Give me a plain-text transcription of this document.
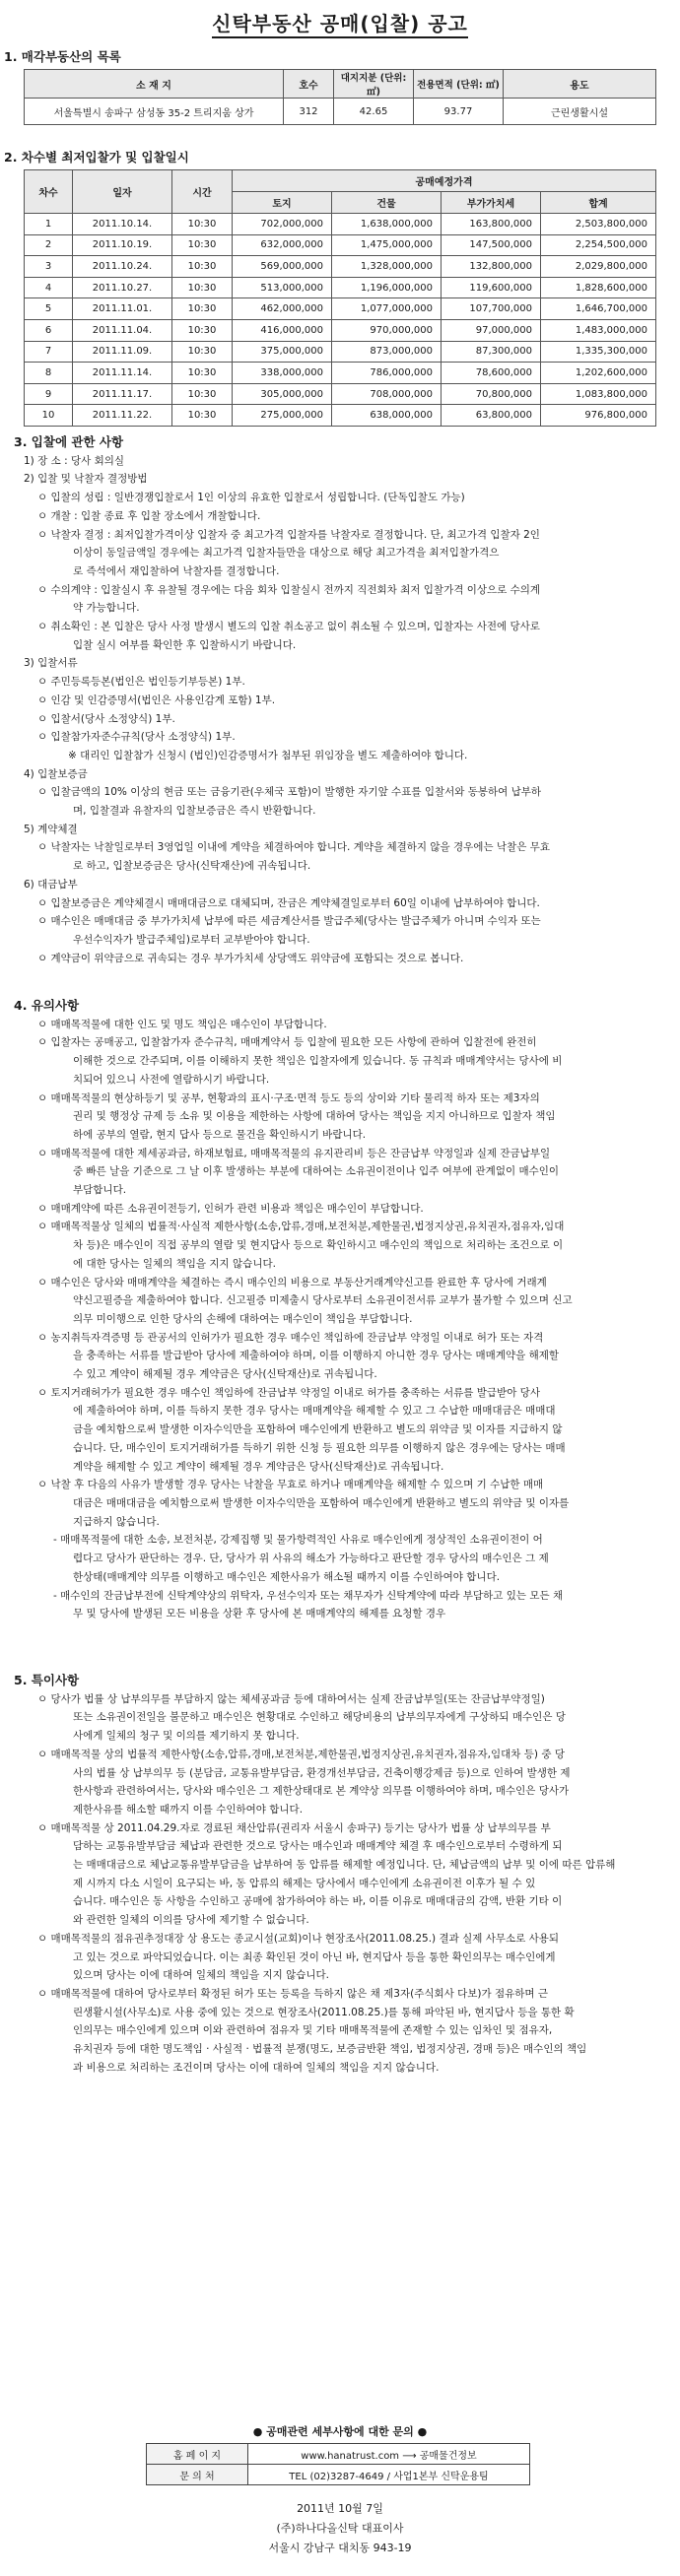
신탁부동산 공매(입찰) 공고
1. 매각부동산의 목록
소 재 지	호수	대지지분 (단위: ㎡)	전용면적 (단위: ㎡)	용도
서울특별시 송파구 삼성동 35-2 트리지움 상가	312	42.65	93.77	근린생활시설
2. 차수별 최저입찰가 및 입찰일시
차수	일자	시간	공매예정가격			
			토지	건물	부가가치세	합계
1	2011.10.14.	10:30	702,000,000	1,638,000,000	163,800,000	2,503,800,000
2	2011.10.19.	10:30	632,000,000	1,475,000,000	147,500,000	2,254,500,000
3	2011.10.24.	10:30	569,000,000	1,328,000,000	132,800,000	2,029,800,000
4	2011.10.27.	10:30	513,000,000	1,196,000,000	119,600,000	1,828,600,000
5	2011.11.01.	10:30	462,000,000	1,077,000,000	107,700,000	1,646,700,000
6	2011.11.04.	10:30	416,000,000	970,000,000	97,000,000	1,483,000,000
7	2011.11.09.	10:30	375,000,000	873,000,000	87,300,000	1,335,300,000
8	2011.11.14.	10:30	338,000,000	786,000,000	78,600,000	1,202,600,000
9	2011.11.17.	10:30	305,000,000	708,000,000	70,800,000	1,083,800,000
10	2011.11.22.	10:30	275,000,000	638,000,000	63,800,000	976,800,000
3. 입찰에 관한 사항
1) 장 소 : 당사 회의실
2) 입찰 및 낙찰자 결정방법
ㅇ 입찰의 성립 : 일반경쟁입찰로서 1인 이상의 유효한 입찰로서 성립합니다. (단독입찰도 가능)
ㅇ 개찰 : 입찰 종료 후 입찰 장소에서 개찰합니다.
ㅇ 낙찰자 결정 : 최저입찰가격이상 입찰자 중 최고가격 입찰자를 낙찰자로 결정합니다. 단, 최고가격 입찰자 2인
이상이 동일금액일 경우에는 최고가격 입찰자들만을 대상으로 해당 최고가격을 최저입찰가격으
로 즉석에서 재입찰하여 낙찰자를 결정합니다.
ㅇ 수의계약 : 입찰실시 후 유찰될 경우에는 다음 회차 입찰실시 전까지 직전회차 최저 입찰가격 이상으로 수의계
약 가능합니다.
ㅇ 취소확인 : 본 입찰은 당사 사정 발생시 별도의 입찰 취소공고 없이 취소될 수 있으며, 입찰자는 사전에 당사로
입찰 실시 여부를 확인한 후 입찰하시기 바랍니다.
3) 입찰서류
ㅇ 주민등록등본(법인은 법인등기부등본) 1부.
ㅇ 인감 및 인감증명서(법인은 사용인감계 포함) 1부.
ㅇ 입찰서(당사 소정양식) 1부.
ㅇ 입찰참가자준수규칙(당사 소정양식) 1부.
※ 대리인 입찰참가 신청시 (법인)인감증명서가 첨부된 위임장을 별도 제출하여야 합니다.
4) 입찰보증금
ㅇ 입찰금액의 10% 이상의 현금 또는 금융기관(우체국 포함)이 발행한 자기앞 수표를 입찰서와 동봉하여 납부하
며, 입찰결과 유찰자의 입찰보증금은 즉시 반환합니다.
5) 계약체결
ㅇ 낙찰자는 낙찰일로부터 3영업일 이내에 계약을 체결하여야 합니다. 계약을 체결하지 않을 경우에는 낙찰은 무효
로 하고, 입찰보증금은 당사(신탁재산)에 귀속됩니다.
6) 대금납부
ㅇ 입찰보증금은 계약체결시 매매대금으로 대체되며, 잔금은 계약체결일로부터 60일 이내에 납부하여야 합니다.
ㅇ 매수인은 매매대금 중 부가가치세 납부에 따른 세금계산서를 발급주체(당사는 발급주체가 아니며 수익자 또는
우선수익자가 발급주체임)로부터 교부받아야 합니다.
ㅇ 계약금이 위약금으로 귀속되는 경우 부가가치세 상당액도 위약금에 포함되는 것으로 봅니다.
4. 유의사항
ㅇ 매매목적물에 대한 인도 및 명도 책임은 매수인이 부담합니다.
ㅇ 입찰자는 공매공고, 입찰참가자 준수규칙, 매매계약서 등 입찰에 필요한 모든 사항에 관하여 입찰전에 완전히
이해한 것으로 간주되며, 이를 이해하지 못한 책임은 입찰자에게 있습니다. 동 규칙과 매매계약서는 당사에 비
치되어 있으니 사전에 열람하시기 바랍니다.
ㅇ 매매목적물의 현상하등기 및 공부, 현황과의 표시·구조·면적 등도 등의 상이와 기타 물리적 하자 또는 제3자의
권리 및 행정상 규제 등 소유 및 이용을 제한하는 사항에 대하여 당사는 책임을 지지 아니하므로 입찰자 책임
하에 공부의 열람, 현지 답사 등으로 물건을 확인하시기 바랍니다.
ㅇ 매매목적물에 대한 제세공과금, 하재보험료, 매매목적물의 유지관리비 등은 잔금납부 약정일과 실제 잔금납부일
중 빠른 날을 기준으로 그 날 이후 발생하는 부분에 대하여는 소유권이전이나 입주 여부에 관계없이 매수인이
부담합니다.
ㅇ 매매계약에 따른 소유권이전등기, 인허가 관련 비용과 책임은 매수인이 부담합니다.
ㅇ 매매목적물상 일체의 법률적·사실적 제한사항(소송,압류,경매,보전처분,제한물권,법정지상권,유치권자,점유자,임대
차 등)은 매수인이 직접 공부의 열람 및 현지답사 등으로 확인하시고 매수인의 책임으로 처리하는 조건으로 이
에 대한 당사는 일체의 책임을 지지 않습니다.
ㅇ 매수인은 당사와 매매계약을 체결하는 즉시 매수인의 비용으로 부동산거래계약신고를 완료한 후 당사에 거래계
약신고필증을 제출하여야 합니다. 신고필증 미제출시 당사로부터 소유권이전서류 교부가 불가할 수 있으며 신고
의무 미이행으로 인한 당사의 손해에 대하여는 매수인이 책임을 부담합니다.
ㅇ 농지취득자격증명 등 관공서의 인허가가 필요한 경우 매수인 책임하에 잔금납부 약정일 이내로 허가 또는 자격
을 충족하는 서류를 발급받아 당사에 제출하여야 하며, 이를 이행하지 아니한 경우 당사는 매매계약을 해제할
수 있고 계약이 해제될 경우 계약금은 당사(신탁재산)로 귀속됩니다.
ㅇ 토지거래허가가 필요한 경우 매수인 책임하에 잔금납부 약정일 이내로 허가를 충족하는 서류를 발급받아 당사
에 제출하여야 하며, 이를 득하지 못한 경우 당사는 매매계약을 해제할 수 있고 그 수납한 매매대금은 매매대
금을 예치함으로써 발생한 이자수익만을 포함하여 매수인에게 반환하고 별도의 위약금 및 이자를 지급하지 않
습니다. 단, 매수인이 토지거래허가를 득하기 위한 신청 등 필요한 의무를 이행하지 않은 경우에는 당사는 매매
계약을 해제할 수 있고 계약이 해제될 경우 계약금은 당사(신탁재산)로 귀속됩니다.
ㅇ 낙찰 후 다음의 사유가 발생할 경우 당사는 낙찰을 무효로 하거나 매매계약을 해제할 수 있으며 기 수납한 매매
대금은 매매대금을 예치함으로써 발생한 이자수익만을 포함하여 매수인에게 반환하고 별도의 위약금 및 이자를
지급하지 않습니다.
- 매매목적물에 대한 소송, 보전처분, 강제집행 및 물가항력적인 사유로 매수인에게 정상적인 소유권이전이 어
렵다고 당사가 판단하는 경우. 단, 당사가 위 사유의 해소가 가능하다고 판단할 경우 당사의 매수인은 그 제
한상태(매매계약 의무를 이행하고 매수인은 제한사유가 해소될 때까지 이를 수인하여야 합니다.
- 매수인의 잔금납부전에 신탁계약상의 위탁자, 우선수익자 또는 채무자가 신탁계약에 따라 부담하고 있는 모든 채
무 및 당사에 발생된 모든 비용을 상환 후 당사에 본 매매계약의 해제를 요청할 경우
5. 특이사항
ㅇ 당사가 법률 상 납부의무를 부담하지 않는 체세공과금 등에 대하여서는 실제 잔금납부일(또는 잔금납부약정일)
또는 소유권이전일을 불문하고 매수인은 현황대로 수인하고 해당비용의 납부의무자에게 구상하되 매수인은 당
사에게 일체의 청구 및 이의를 제기하지 못 합니다.
ㅇ 매매목적물 상의 법률적 제한사항(소송,압류,경매,보전처분,제한물권,법정지상권,유치권자,점유자,임대차 등) 중 당
사의 법률 상 납부의무 등 (분담금, 교통유발부담금, 환경개선부담금, 건축이행강제금 등)으로 인하여 발생한 제
한사항과 관련하여서는, 당사와 매수인은 그 제한상태대로 본 계약상 의무를 이행하여야 하며, 매수인은 당사가
제한사유를 해소할 때까지 이를 수인하여야 합니다.
ㅇ 매매목적물 상 2011.04.29.자로 경료된 채산압류(권리자 서울시 송파구) 등기는 당사가 법률 상 납부의무를 부
담하는 교통유발부담금 체납과 관련한 것으로 당사는 매수인과 매매계약 체결 후 매수인으로부터 수령하게 되
는 매매대금으로 체납교통유발부담금을 납부하여 동 압류를 해제할 예정입니다. 단, 체납금액의 납부 및 이에 따른 압류해
제 시까지 다소 시일이 요구되는 바, 동 압류의 해제는 당사에서 매수인에게 소유권이전 이후가 될 수 있
습니다. 매수인은 동 사항을 수인하고 공매에 참가하여야 하는 바, 이를 이유로 매매대금의 감액, 반환 기타 이
와 관련한 일체의 이의를 당사에 제기할 수 없습니다.
ㅇ 매매목적물의 점유권추정대장 상 용도는 종교시설(교회)이나 현장조사(2011.08.25.) 결과 실제 사무소로 사용되
고 있는 것으로 파악되었습니다. 이는 최종 확인된 것이 아닌 바, 현지답사 등을 통한 확인의무는 매수인에게
있으며 당사는 이에 대하여 일체의 책임을 지지 않습니다.
ㅇ 매매목적물에 대하여 당사로부터 확정된 허가 또는 등록을 득하지 않은 채 제3자(주식회사 다보)가 점유하며 근
린생활시설(사무소)로 사용 중에 있는 것으로 현장조사(2011.08.25.)를 통해 파악된 바, 현지답사 등을 통한 확
인의무는 매수인에게 있으며 이와 관련하여 점유자 및 기타 매매목적물에 존재할 수 있는 임차인 및 점유자,
유치권자 등에 대한 명도책임 · 사실적 · 법률적 분쟁(명도, 보증금반환 책임, 법정지상권, 경매 등)은 매수인의 책임
과 비용으로 처리하는 조건이며 당사는 이에 대하여 일체의 책임을 지지 않습니다.
● 공매관련 세부사항에 대한 문의 ●
홈 페 이 지	www.hanatrust.com ⟶ 공매물건정보
문 의 처	TEL (02)3287-4649 / 사업1본부 신탁운용팀
2011년 10월 7일
(주)하나다올신탁 대표이사
서울시 강남구 대치동 943-19
